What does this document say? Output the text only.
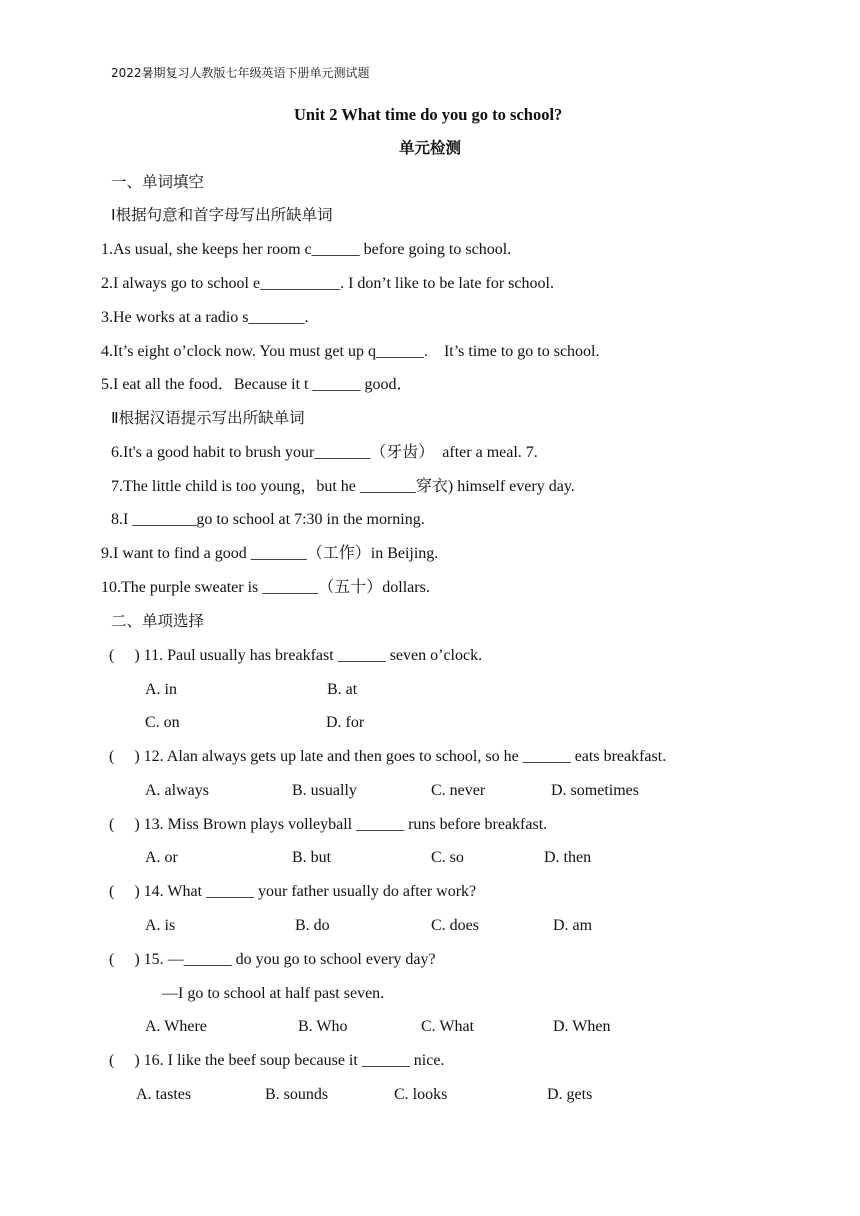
2022暑期复习人教版七年级英语下册单元测试题
Unit 2 What time do you go to school?
单元检测
一、单词填空
I根据句意和首字母写出所缺单词
1.As usual, she keeps her room c______ before going to school.
2.I always go to school e__________. I don’t like to be late for school.
3.He works at a radio s_______.
4.It’s eight o’clock now. You must get up q______.    It’s time to go to school.
5.I eat all the food．Because it t ______ good．
Ⅱ根据汉语提示写出所缺单词
6.It's a good habit to brush your_______（牙齿）  after a meal. 7.
7.The little child is too young，but he _______穿衣) himself every day.
8.I ________go to school at 7:30 in the morning.
9.I want to find a good _______（工作）in Beijing.
10.The purple sweater is _______（五十）dollars.
二、单项选择
(     ) 11. Paul usually has breakfast ______ seven o’clock.
A. in	B. at
C. on	D. for
(     ) 12. Alan always gets up late and then goes to school, so he ______ eats breakfast.
A. always	B. usually	C. never	D. sometimes
(     ) 13. Miss Brown plays volleyball ______ runs before breakfast.
A. or	B. but	C. so	D. then
(     ) 14. What ______ your father usually do after work?
A. is	B. do	C. does	D. am
(     ) 15. —______ do you go to school every day?
—I go to school at half past seven.
A. Where	B. Who	C. What	D. When
(     ) 16. I like the beef soup because it ______ nice.
A. tastes	B. sounds	C. looks	D. gets
